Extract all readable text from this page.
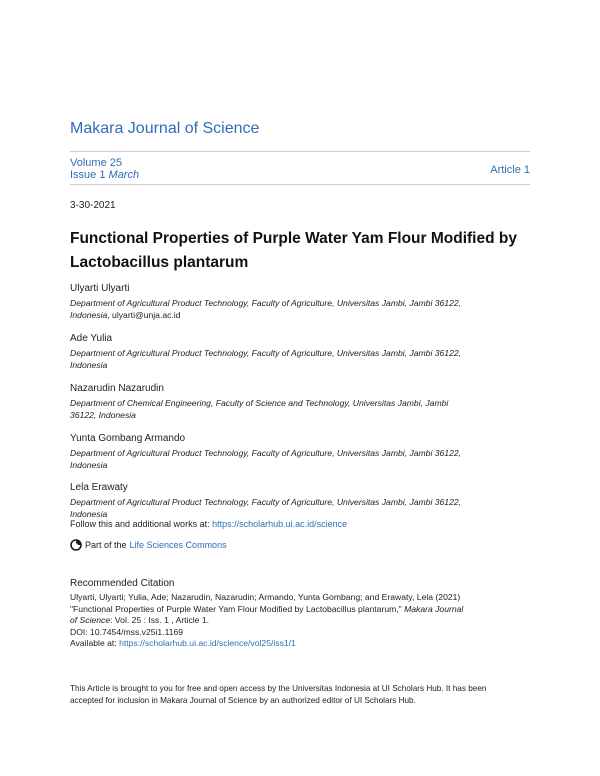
Makara Journal of Science
Volume 25
Issue 1 March	Article 1
3-30-2021
Functional Properties of Purple Water Yam Flour Modified by
Lactobacillus plantarum
Ulyarti Ulyarti
Department of Agricultural Product Technology, Faculty of Agriculture, Universitas Jambi, Jambi 36122,
Indonesia, ulyarti@unja.ac.id
Ade Yulia
Department of Agricultural Product Technology, Faculty of Agriculture, Universitas Jambi, Jambi 36122,
Indonesia
Nazarudin Nazarudin
Department of Chemical Engineering, Faculty of Science and Technology, Universitas Jambi, Jambi
36122, Indonesia
Yunta Gombang Armando
Department of Agricultural Product Technology, Faculty of Agriculture, Universitas Jambi, Jambi 36122,
Indonesia
Lela Erawaty
Department of Agricultural Product Technology, Faculty of Agriculture, Universitas Jambi, Jambi 36122,
Indonesia
Follow this and additional works at: https://scholarhub.ui.ac.id/science
Part of the Life Sciences Commons
Recommended Citation
Ulyarti, Ulyarti; Yulia, Ade; Nazarudin, Nazarudin; Armando, Yunta Gombang; and Erawaty, Lela (2021)
"Functional Properties of Purple Water Yam Flour Modified by Lactobacillus plantarum," Makara Journal
of Science: Vol. 25 : Iss. 1 , Article 1.
DOI: 10.7454/mss.v25i1.1169
Available at: https://scholarhub.ui.ac.id/science/vol25/iss1/1
This Article is brought to you for free and open access by the Universitas Indonesia at UI Scholars Hub. It has been
accepted for inclusion in Makara Journal of Science by an authorized editor of UI Scholars Hub.
